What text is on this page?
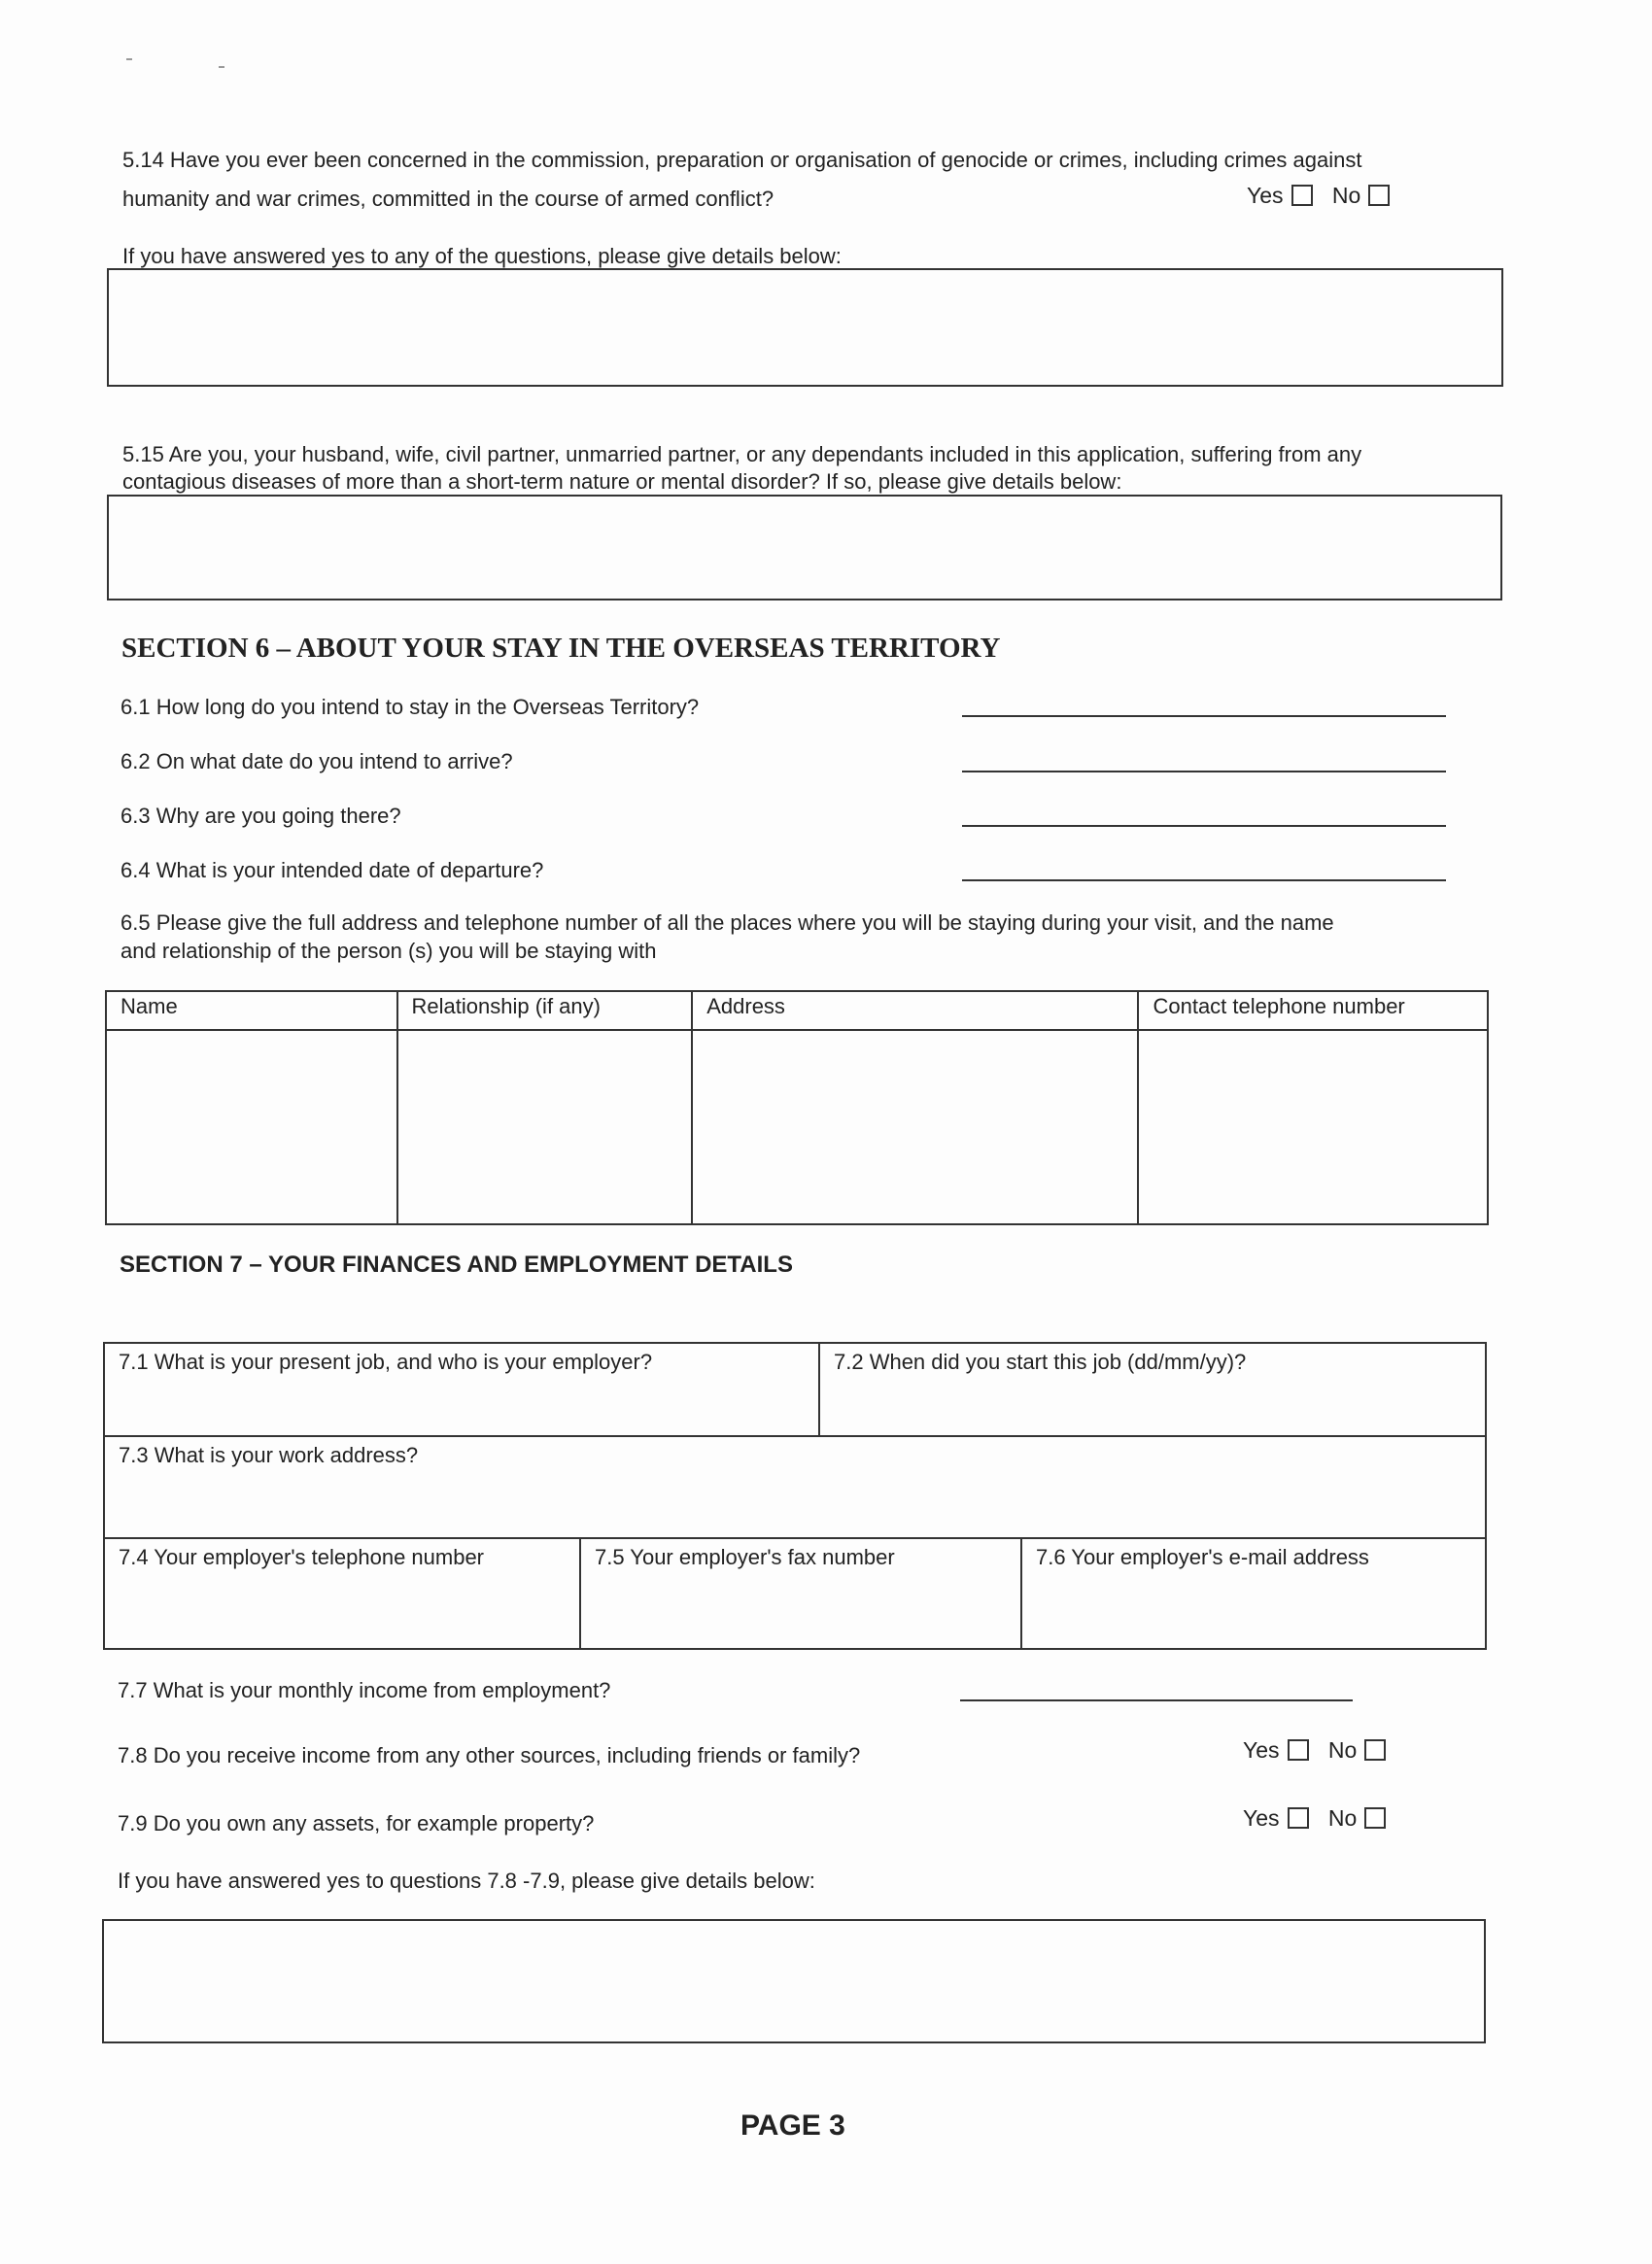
5.14 Have you ever been concerned in the commission, preparation or organisation of genocide or crimes, including crimes against
humanity and war crimes, committed in the course of armed conflict?	Yes No
If you have answered yes to any of the questions, please give details below:
5.15 Are you, your husband, wife, civil partner, unmarried partner, or any dependants included in this application, suffering from any
contagious diseases of more than a short-term nature or mental disorder? If so, please give details below:
SECTION 6 – ABOUT YOUR STAY IN THE OVERSEAS TERRITORY
6.1 How long do you intend to stay in the Overseas Territory?
6.2 On what date do you intend to arrive?
6.3 Why are you going there?
6.4 What is your intended date of departure?
6.5 Please give the full address and telephone number of all the places where you will be staying during your visit, and the name
and relationship of the person (s) you will be staying with
Name	Relationship (if any)	Address	Contact telephone number

SECTION 7 – YOUR FINANCES AND EMPLOYMENT DETAILS
7.1 What is your present job, and who is your employer?	7.2 When did you start this job (dd/mm/yy)?
7.3 What is your work address?
7.4 Your employer's telephone number	7.5 Your employer's fax number	7.6 Your employer's e-mail address
7.7 What is your monthly income from employment?
7.8 Do you receive income from any other sources, including friends or family?	Yes No
7.9 Do you own any assets, for example property?	Yes No
If you have answered yes to questions 7.8 -7.9, please give details below:
PAGE 3
